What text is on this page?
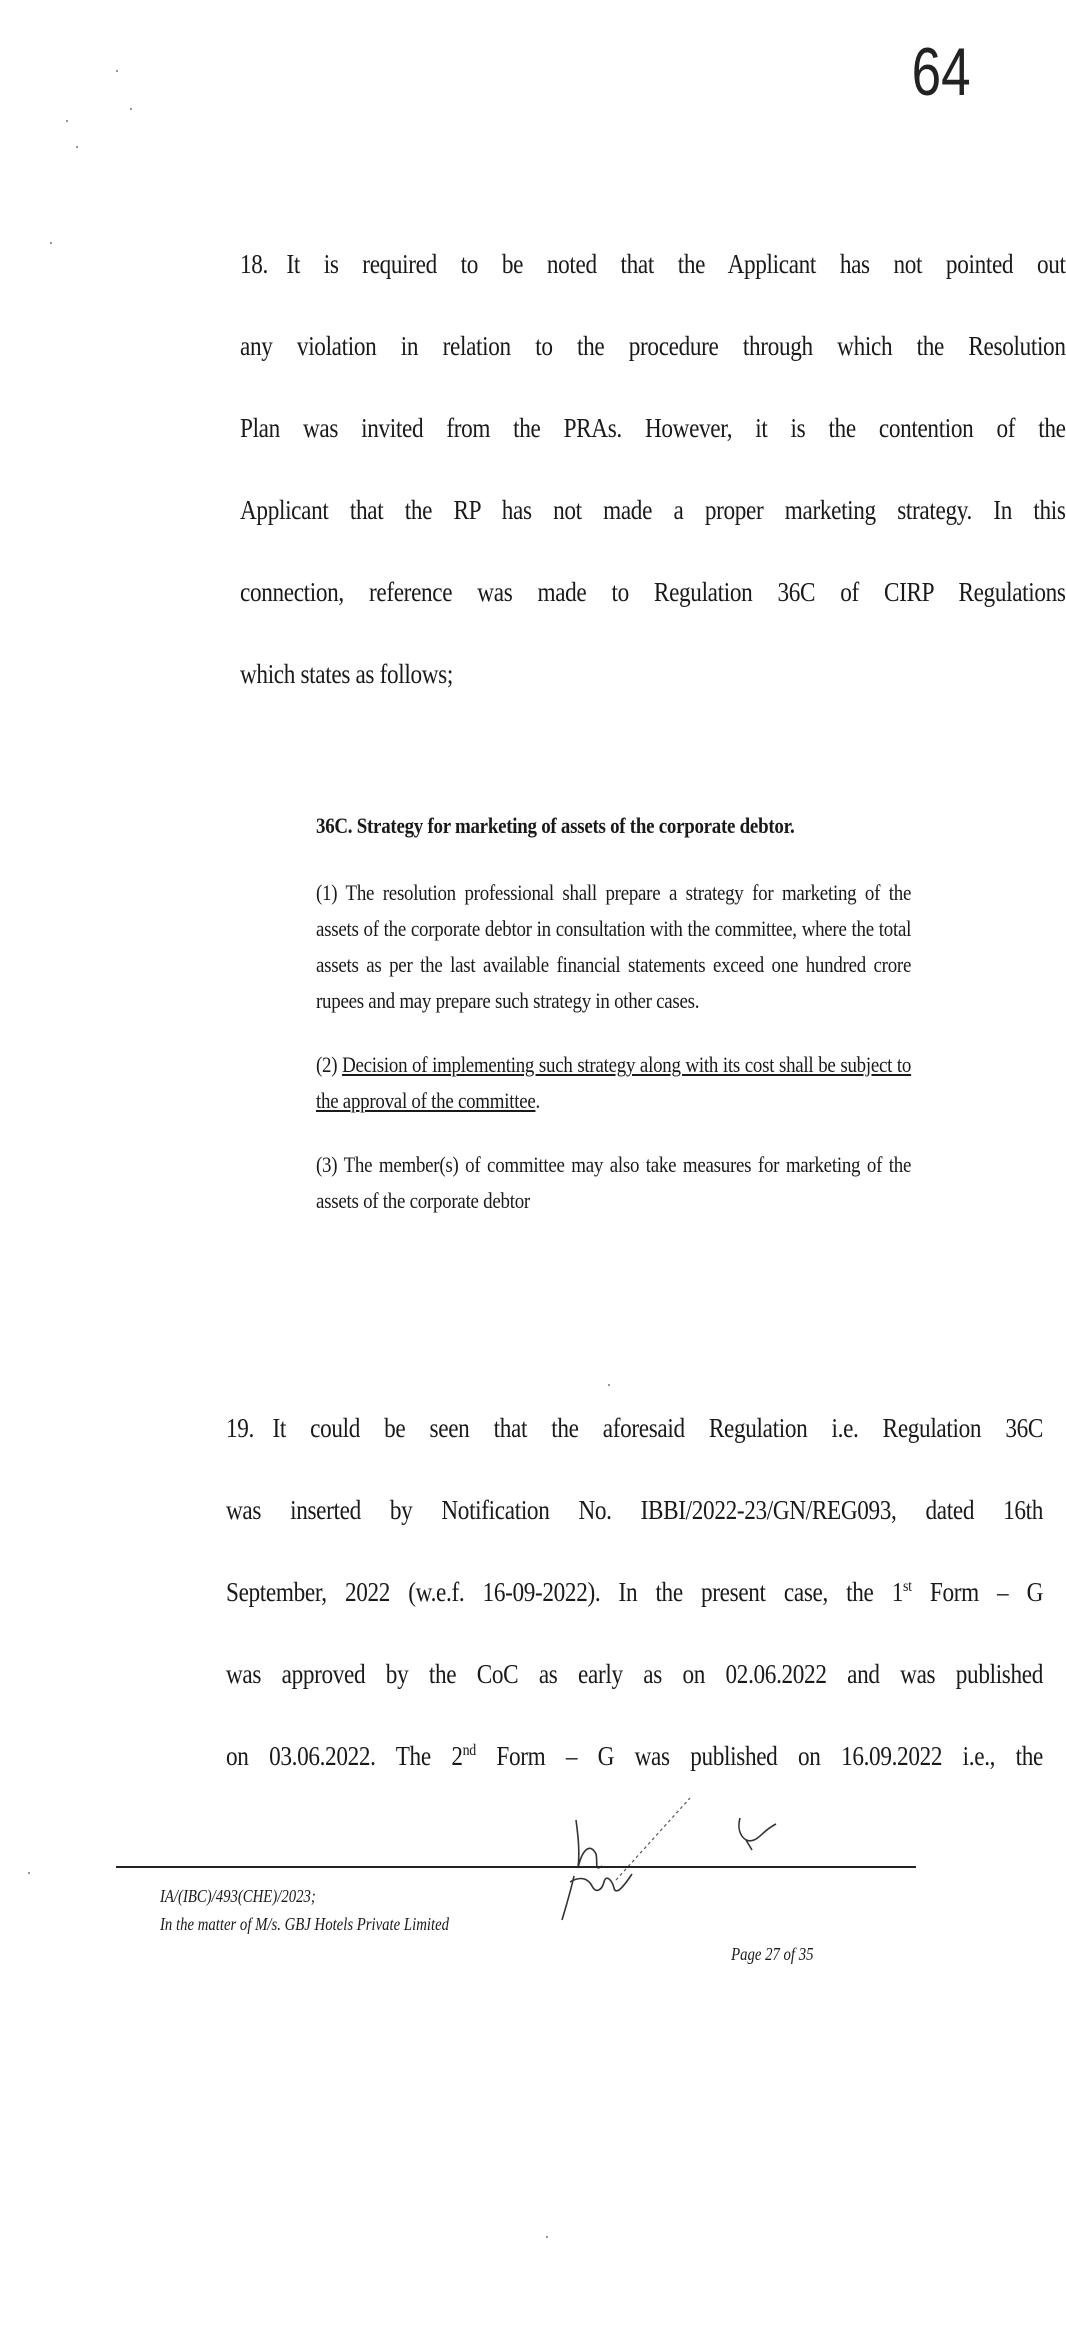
64
18. It is required to be noted that the Applicant has not pointed out
any violation in relation to the procedure through which the Resolution
Plan was invited from the PRAs. However, it is the contention of the
Applicant that the RP has not made a proper marketing strategy. In this
connection, reference was made to Regulation 36C of CIRP Regulations
which states as follows;
36C. Strategy for marketing of assets of the corporate debtor.
(1) The resolution professional shall prepare a strategy for marketing of the assets of the corporate debtor in consultation with the committee, where the total assets as per the last available financial statements exceed one hundred crore rupees and may prepare such strategy in other cases.
(2) Decision of implementing such strategy along with its cost shall be subject to the approval of the committee.
(3) The member(s) of committee may also take measures for marketing of the assets of the corporate debtor
19. It could be seen that the aforesaid Regulation i.e. Regulation 36C
was inserted by Notification No. IBBI/2022-23/GN/REG093, dated 16th
September, 2022 (w.e.f. 16-09-2022). In the present case, the 1st Form – G
was approved by the CoC as early as on 02.06.2022 and was published
on 03.06.2022. The 2nd Form – G was published on 16.09.2022 i.e., the
IA/(IBC)/493(CHE)/2023;
In the matter of M/s. GBJ Hotels Private Limited
Page 27 of 35
